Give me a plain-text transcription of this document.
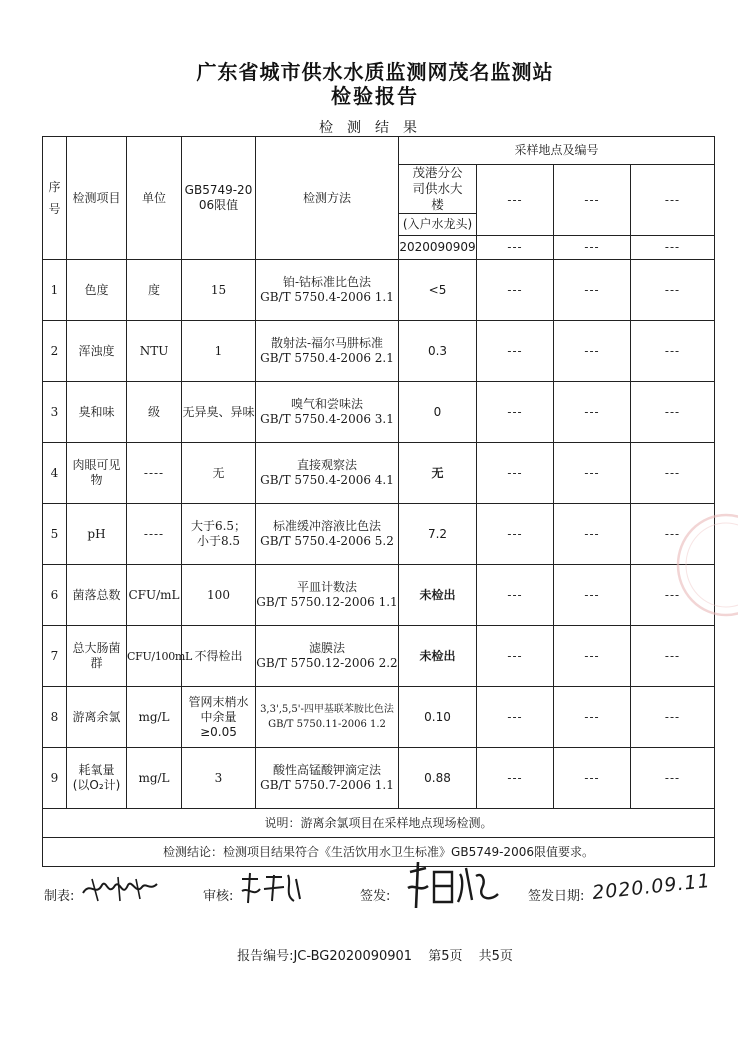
广东省城市供水水质监测网茂名监测站
检验报告
检测结果
序号	检测项目	单位	GB5749-2006限值	检测方法	采样地点及编号			

					茂港分公司供水大楼	---	---	---
					(入户水龙头)			
					2020090909	---	---	---
1	色度	度	15	铂-钴标准比色法
GB/T 5750.4-2006 1.1	<5	---	---	---
2	浑浊度	NTU	1	散射法-福尔马肼标准
GB/T 5750.4-2006 2.1	0.3	---	---	---
3	臭和味	级	无异臭、异味	嗅气和尝味法
GB/T 5750.4-2006 3.1	0	---	---	---
4	肉眼可见物	----	无	直接观察法
GB/T 5750.4-2006 4.1	无	---	---	---
5	pH	----	大于6.5；小于8.5	标准缓冲溶液比色法
GB/T 5750.4-2006 5.2	7.2	---	---	---
6	菌落总数	CFU/mL	100	平皿计数法
GB/T 5750.12-2006 1.1	未检出	---	---	---
7	总大肠菌群	CFU/100mL	不得检出	滤膜法
GB/T 5750.12-2006 2.2	未检出	---	---	---
8	游离余氯	mg/L	管网末梢水中余量≥0.05	3,3',5,5'-四甲基联苯胺比色法
GB/T 5750.11-2006 1.2	0.10	---	---	---
9	耗氧量(以O₂计)	mg/L	3	酸性高锰酸钾滴定法
GB/T 5750.7-2006 1.1	0.88	---	---	---
说明：游离余氯项目在采样地点现场检测。								
检测结论：检测项目结果符合《生活饮用水卫生标准》GB5749-2006限值要求。								
制表:	审核:	签发:	签发日期: 2020.09.11
报告编号:JC-BG2020090901 第5页 共5页
